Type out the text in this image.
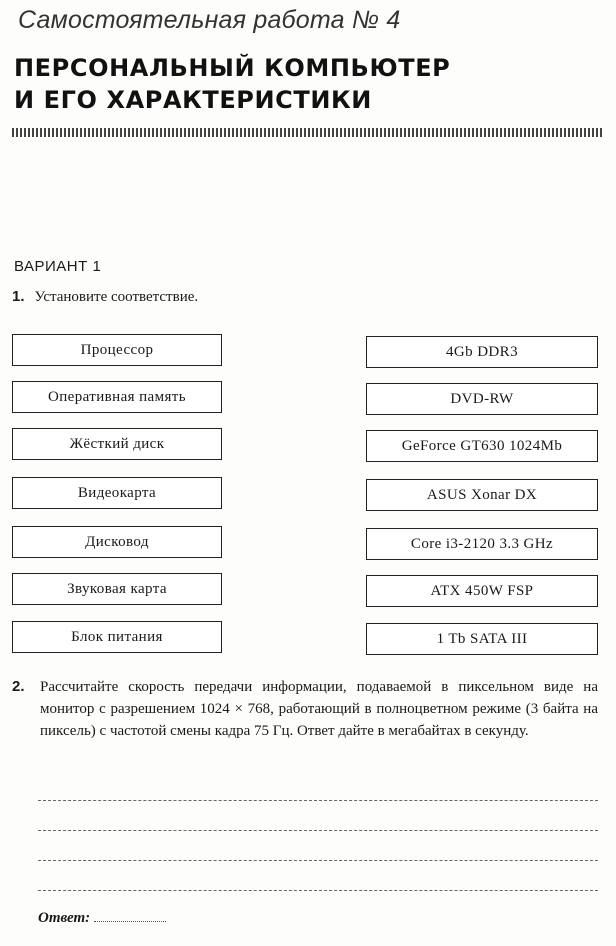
Самостоятельная работа № 4
ПЕРСОНАЛЬНЫЙ КОМПЬЮТЕР
И ЕГО ХАРАКТЕРИСТИКИ
ВАРИАНТ 1
1. Установите соответствие.
Процессор
Оперативная память
Жёсткий диск
Видеокарта
Дисковод
Звуковая карта
Блок питания
4Gb DDR3
DVD-RW
GeForce GT630 1024Mb
ASUS Xonar DX
Core i3-2120 3.3 GHz
ATX 450W FSP
1 Tb SATA III
2.	Рассчитайте скорость передачи информации, подаваемой в пиксельном виде на монитор с разрешением 1024 × 768, работающий в полноцветном режиме (3 байта на пиксель) с частотой смены кадра 75 Гц. Ответ дайте в мегабайтах в секунду.
Ответ:
